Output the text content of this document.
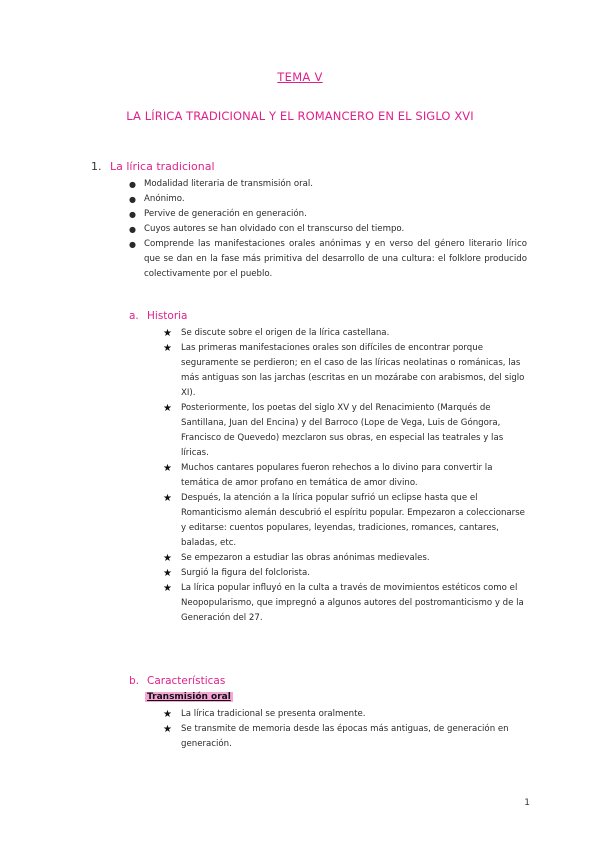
TEMA V
LA LÍRICA TRADICIONAL Y EL ROMANCERO EN EL SIGLO XVI
1. La lírica tradicional
● Modalidad literaria de transmisión oral.
● Anónimo.
● Pervive de generación en generación.
● Cuyos autores se han olvidado con el transcurso del tiempo.
● Comprende las manifestaciones orales anónimas y en verso del género literario lírico que se dan en la fase más primitiva del desarrollo de una cultura: el folklore producido colectivamente por el pueblo.
a. Historia
★ Se discute sobre el origen de la lírica castellana.
★ Las primeras manifestaciones orales son difíciles de encontrar porque seguramente se perdieron; en el caso de las líricas neolatinas o románicas, las más antiguas son las jarchas (escritas en un mozárabe con arabismos, del siglo XI).
★ Posteriormente, los poetas del siglo XV y del Renacimiento (Marqués de Santillana, Juan del Encina) y del Barroco (Lope de Vega, Luis de Góngora, Francisco de Quevedo) mezclaron sus obras, en especial las teatrales y las líricas.
★ Muchos cantares populares fueron rehechos a lo divino para convertir la temática de amor profano en temática de amor divino.
★ Después, la atención a la lírica popular sufrió un eclipse hasta que el Romanticismo alemán descubrió el espíritu popular. Empezaron a coleccionarse y editarse: cuentos populares, leyendas, tradiciones, romances, cantares, baladas, etc.
★ Se empezaron a estudiar las obras anónimas medievales.
★ Surgió la figura del folclorista.
★ La lírica popular influyó en la culta a través de movimientos estéticos como el Neopopularismo, que impregnó a algunos autores del postromanticismo y de la Generación del 27.
b. Características
Transmisión oral
★ La lírica tradicional se presenta oralmente.
★ Se transmite de memoria desde las épocas más antiguas, de generación en generación.
1
